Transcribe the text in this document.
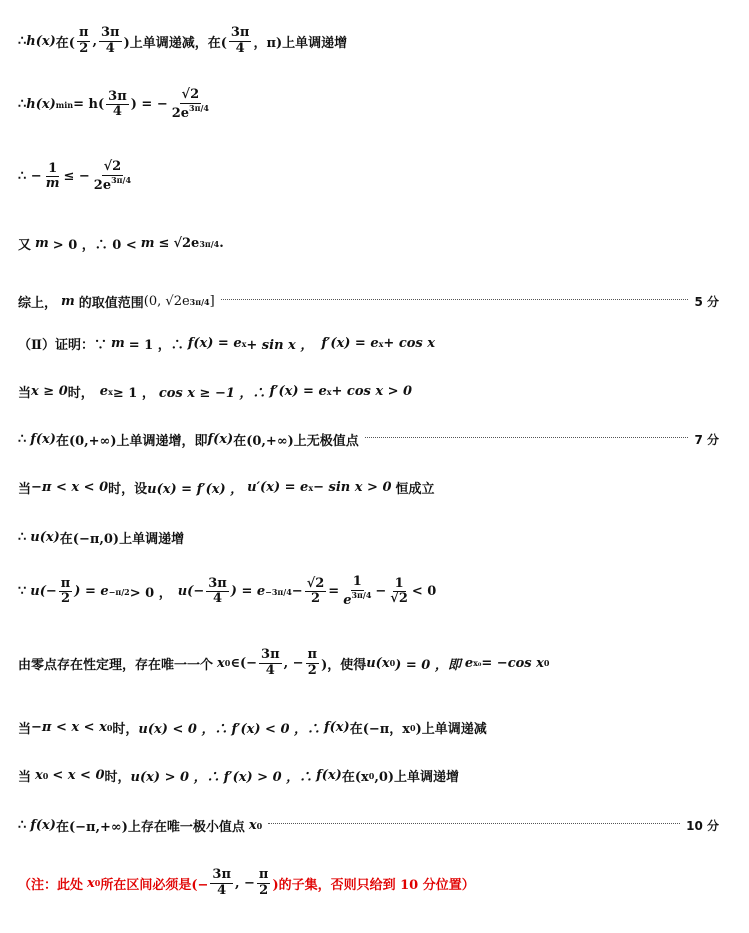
∴ h(x) 在( $\frac{\pi}{2}$ , $\frac{3\pi}{4}$ )上单调递减，在( $\frac{3\pi}{4}$ ，π)上单调递增
∴ h(x) $\min = h( \frac{3\pi}{4}$ ) = − $\frac{√2}{2e^{3\pi/4}}$
∴ − $\frac{1}{m}$ ≤ − $\frac{√2}{2e^{3\pi/4}}$
又 m > 0 ，∴ 0 < m ≤ √2e 3π/4 .
综上， m 的取值范围 (0, √2e 3π/4 ]	5 分
（Ⅱ）证明：∵ m = 1 ，∴ f(x) = e x + sin x ， f′(x) = e x + cos x
当 x ≥ 0 时， e x ≥ 1 ， cos x ≥ −1 ，∴ f′(x) = e x + cos x > 0
∴ f(x) 在(0,+∞)上单调递增，即 f(x) 在(0,+∞)上无极值点	7 分
当 −π < x < 0 时，设 u(x) = f′(x) ， u′(x) = e x − sin x > 0 恒成立
∴ u(x) 在(−π,0)上单调递增
∵ $u(- \frac{\pi}{2}$ ) = e −π/2 > 0 ， $u(- \frac{3\pi}{4}$ ) = $e -3\pi/4 - \frac{√2}{2} = \frac{1}{e^{3\pi/4}} - \frac{1}{√2} < 0$
由零点存在性定理，存在唯一一个 x 0 ∈(− $\frac{3\pi}{4}$ , − $\frac{\pi}{2}$ )，使得 u(x 0 ) = 0 ，即 e x₀ = −cos x 0
当 −π < x < x 0 时， u(x) < 0 ，∴ f′(x) < 0 ，∴ f(x) 在(−π，x 0 )上单调递减
当 x 0 < x < 0 时， u(x) > 0 ，∴ f′(x) > 0 ，∴ f(x) 在(x 0 ,0)上单调递增
∴ f(x) 在(−π,+∞)上存在唯一极小值点 x 0	10 分
（注：此处 x 0 所在区间必须是(− $\frac{3\pi}{4}$ , − $\frac{\pi}{2}$ )的子集，否则只给到 10 分位置）
